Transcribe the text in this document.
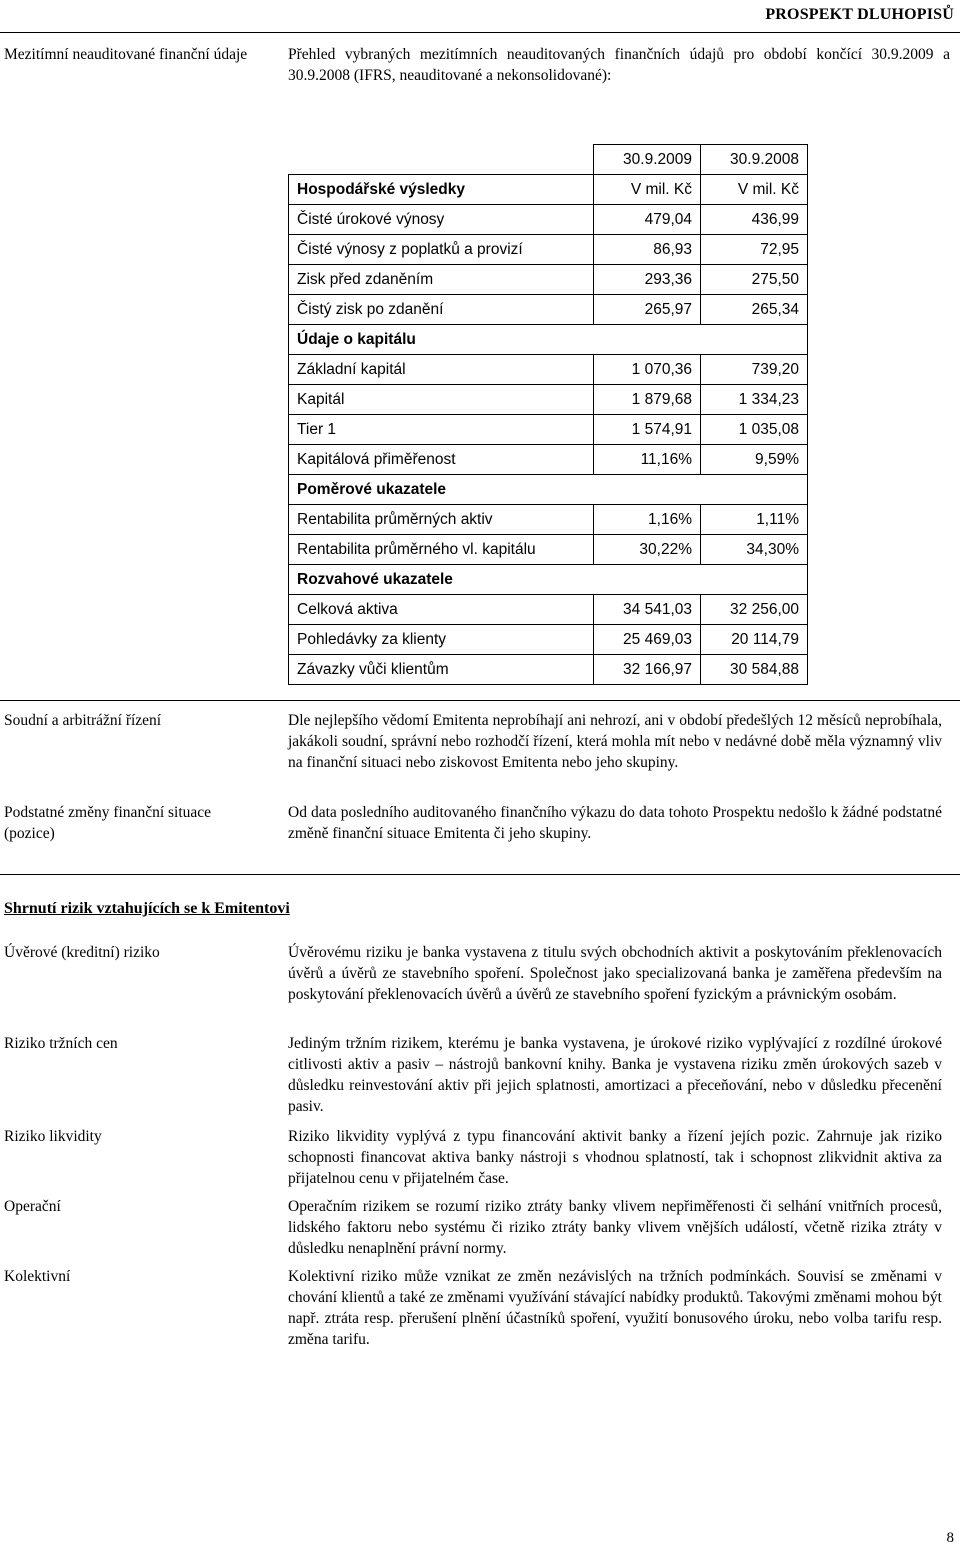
PROSPEKT DLUHOPISŮ
Mezitímní neauditované finanční údaje	Přehled vybraných mezitímních neauditovaných finančních údajů pro období končící 30.9.2009 a 30.9.2008 (IFRS, neauditované a nekonsolidované):
	30.9.2009	30.9.2008
Hospodářské výsledky	V mil. Kč	V mil. Kč
Čisté úrokové výnosy	479,04	436,99
Čisté výnosy z poplatků a provizí	86,93	72,95
Zisk před zdaněním	293,36	275,50
Čistý zisk po zdanění	265,97	265,34
Údaje o kapitálu		
Základní kapitál	1 070,36	739,20
Kapitál	1 879,68	1 334,23
Tier 1	1 574,91	1 035,08
Kapitálová přiměřenost	11,16%	9,59%
Poměrové ukazatele		
Rentabilita průměrných aktiv	1,16%	1,11%
Rentabilita průměrného vl. kapitálu	30,22%	34,30%
Rozvahové ukazatele		
Celková aktiva	34 541,03	32 256,00
Pohledávky za klienty	25 469,03	20 114,79
Závazky vůči klientům	32 166,97	30 584,88
Soudní a arbitrážní řízení	Dle nejlepšího vědomí Emitenta neprobíhají ani nehrozí, ani v období předešlých 12 měsíců neprobíhala, jakákoli soudní, správní nebo rozhodčí řízení, která mohla mít nebo v nedávné době měla významný vliv na finanční situaci nebo ziskovost Emitenta nebo jeho skupiny.
Podstatné změny finanční situace (pozice)
Od data posledního auditovaného finančního výkazu do data tohoto Prospektu nedošlo k žádné podstatné změně finanční situace Emitenta či jeho skupiny.
Shrnutí rizik vztahujících se k Emitentovi
Úvěrové (kreditní) riziko	Úvěrovému riziku je banka vystavena z titulu svých obchodních aktivit a poskytováním překlenovacích úvěrů a úvěrů ze stavebního spoření. Společnost jako specializovaná banka je zaměřena především na poskytování překlenovacích úvěrů a úvěrů ze stavebního spoření fyzickým a právnickým osobám.
Riziko tržních cen	Jediným tržním rizikem, kterému je banka vystavena, je úrokové riziko vyplývající z rozdílné úrokové citlivosti aktiv a pasiv – nástrojů bankovní knihy. Banka je vystavena riziku změn úrokových sazeb v důsledku reinvestování aktiv při jejich splatnosti, amortizaci a přeceňování, nebo v důsledku přecenění pasiv.
Riziko likvidity	Riziko likvidity vyplývá z typu financování aktivit banky a řízení jejích pozic. Zahrnuje jak riziko schopnosti financovat aktiva banky nástroji s vhodnou splatností, tak i schopnost zlikvidnit aktiva za přijatelnou cenu v přijatelném čase.
Operační	Operačním rizikem se rozumí riziko ztráty banky vlivem nepřiměřenosti či selhání vnitřních procesů, lidského faktoru nebo systému či riziko ztráty banky vlivem vnějších událostí, včetně rizika ztráty v důsledku nenaplnění právní normy.
Kolektivní	Kolektivní riziko může vznikat ze změn nezávislých na tržních podmínkách. Souvisí se změnami v chování klientů a také ze změnami využívání stávající nabídky produktů. Takovými změnami mohou být např. ztráta resp. přerušení plnění účastníků spoření, využití bonusového úroku, nebo volba tarifu resp. změna tarifu.
8
